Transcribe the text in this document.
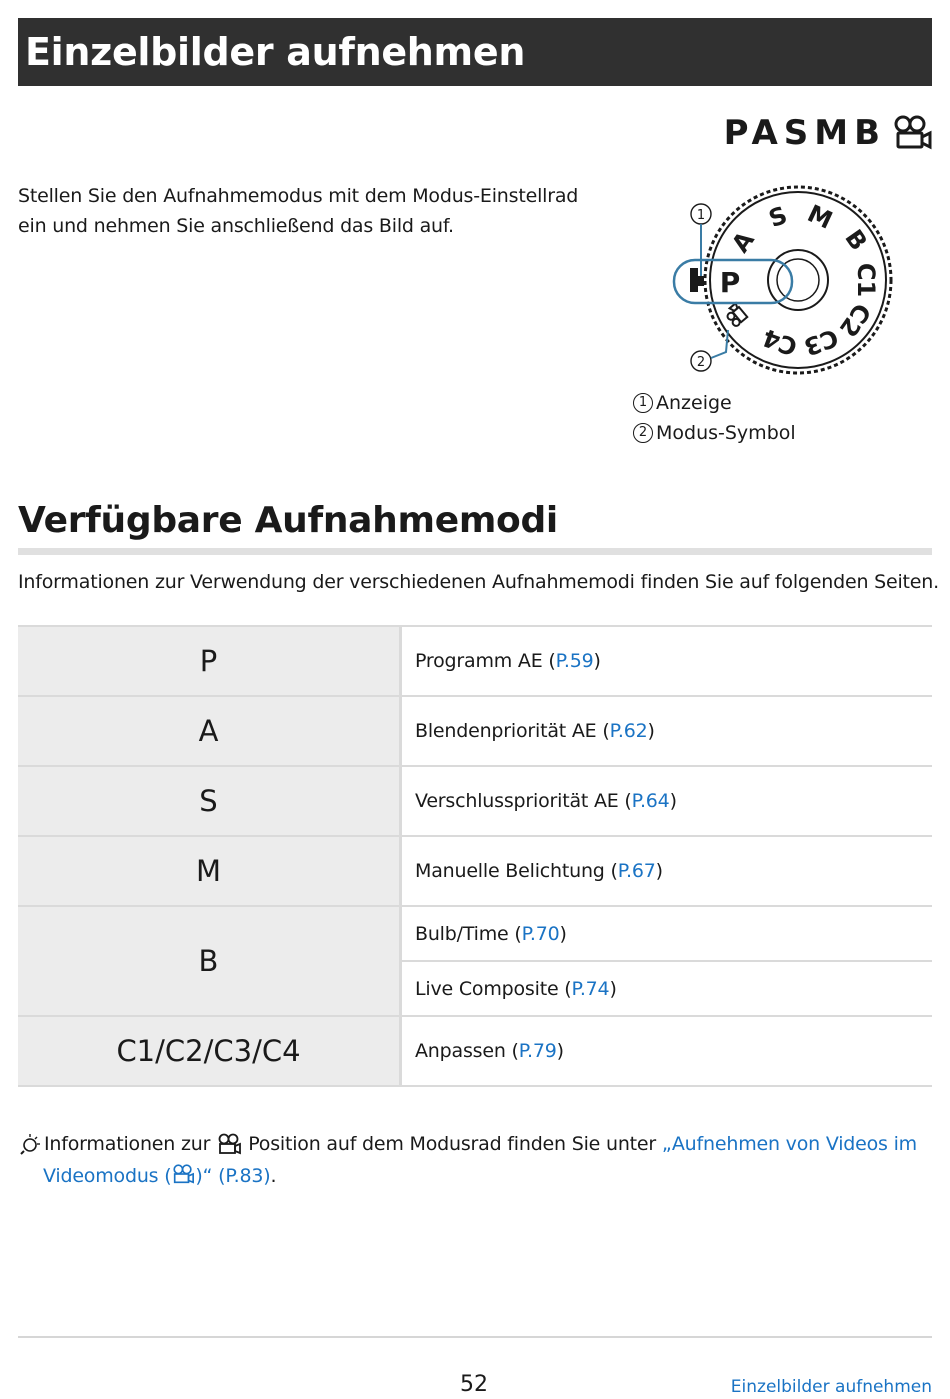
Einzelbilder aufnehmen
PASMB
Stellen Sie den Aufnahmemodus mit dem Modus-Einstellrad ein und nehmen Sie anschließend das Bild auf.
A
S M
B
C1
C2
C3
C4
P
1
2
1 Anzeige
2 Modus-Symbol
Verfügbare Aufnahmemodi
Informationen zur Verwendung der verschiedenen Aufnahmemodi finden Sie auf folgenden Seiten.
P	Programm AE (P.59)
A	Blendenpriorität AE (P.62)
S	Verschlusspriorität AE (P.64)
M	Manuelle Belichtung (P.67)
B	Bulb/Time (P.70)
	Live Composite (P.74)
C1/C2/C3/C4	Anpassen (P.79)
Informationen zur Position auf dem Modusrad finden Sie unter
„Aufnehmen von Videos im
Videomodus ( )“ (P.83).
52	Einzelbilder aufnehmen
